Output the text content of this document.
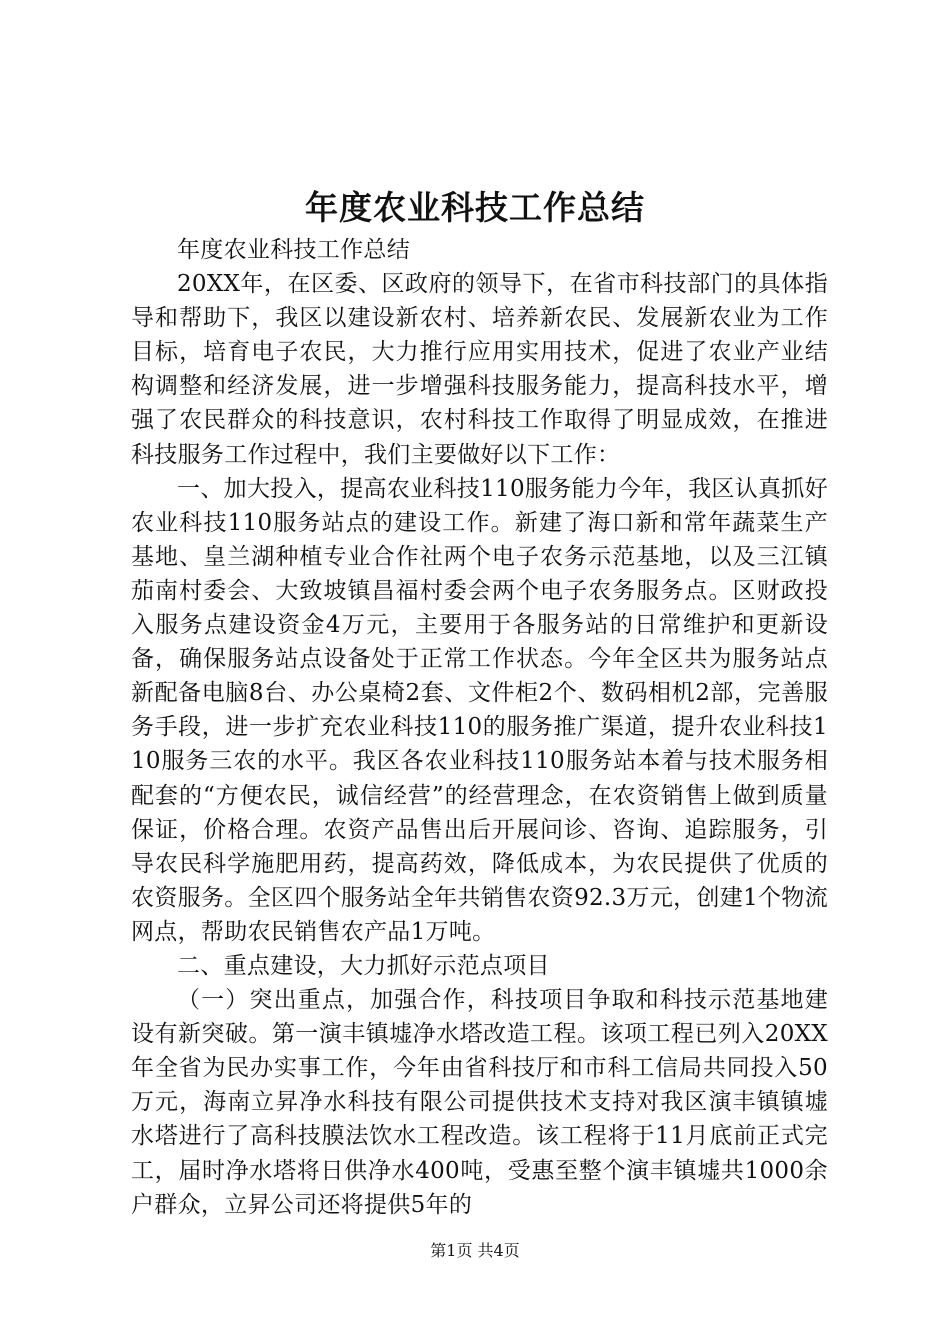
年度农业科技工作总结

年度农业科技工作总结

20XX年，在区委、区政府的领导下，在省市科技部门的具体指导和帮助下，我区以建设新农村、培养新农民、发展新农业为工作目标，培育电子农民，大力推行应用实用技术，促进了农业产业结构调整和经济发展，进一步增强科技服务能力，提高科技水平，增强了农民群众的科技意识，农村科技工作取得了明显成效，在推进科技服务工作过程中，我们主要做好以下工作：

一、加大投入，提高农业科技110服务能力今年，我区认真抓好农业科技110服务站点的建设工作。新建了海口新和常年蔬菜生产基地、皇兰湖种植专业合作社两个电子农务示范基地，以及三江镇茄南村委会、大致坡镇昌福村委会两个电子农务服务点。区财政投入服务点建设资金4万元，主要用于各服务站的日常维护和更新设备，确保服务站点设备处于正常工作状态。今年全区共为服务站点新配备电脑8台、办公桌椅2套、文件柜2个、数码相机2部，完善服务手段，进一步扩充农业科技110的服务推广渠道，提升农业科技110服务三农的水平。我区各农业科技110服务站本着与技术服务相配套的“方便农民，诚信经营”的经营理念，在农资销售上做到质量保证，价格合理。农资产品售出后开展问诊、咨询、追踪服务，引导农民科学施肥用药，提高药效，降低成本，为农民提供了优质的农资服务。全区四个服务站全年共销售农资92.3万元，创建1个物流网点，帮助农民销售农产品1万吨。

二、重点建设，大力抓好示范点项目

（一）突出重点，加强合作，科技项目争取和科技示范基地建设有新突破。第一演丰镇墟净水塔改造工程。该项工程已列入20XX年全省为民办实事工作，今年由省科技厅和市科工信局共同投入50万元，海南立昇净水科技有限公司提供技术支持对我区演丰镇镇墟水塔进行了高科技膜法饮水工程改造。该工程将于11月底前正式完工，届时净水塔将日供净水400吨，受惠至整个演丰镇墟共1000余户群众，立昇公司还将提供5年的

第1页 共4页
